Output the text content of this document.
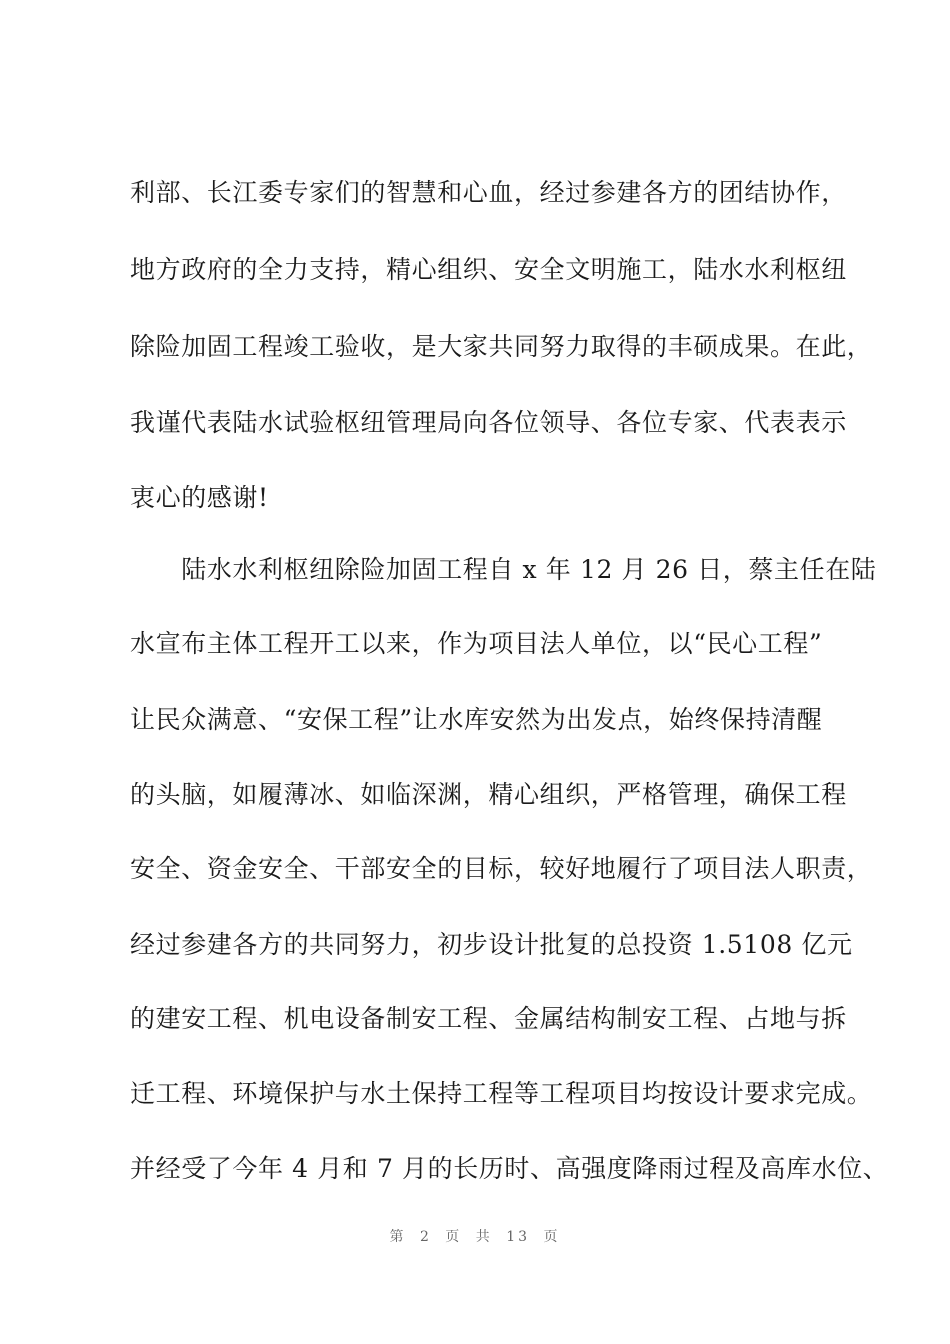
利部、长江委专家们的智慧和心血，经过参建各方的团结协作，
地方政府的全力支持，精心组织、安全文明施工，陆水水利枢纽
除险加固工程竣工验收，是大家共同努力取得的丰硕成果。在此，
我谨代表陆水试验枢纽管理局向各位领导、各位专家、代表表示
衷心的感谢!
　　陆水水利枢纽除险加固工程自 x 年 12 月 26 日，蔡主任在陆
水宣布主体工程开工以来，作为项目法人单位，以“民心工程”
让民众满意、“安保工程”让水库安然为出发点，始终保持清醒
的头脑，如履薄冰、如临深渊，精心组织，严格管理，确保工程
安全、资金安全、干部安全的目标，较好地履行了项目法人职责，
经过参建各方的共同努力，初步设计批复的总投资 1.5108 亿元
的建安工程、机电设备制安工程、金属结构制安工程、占地与拆
迁工程、环境保护与水土保持工程等工程项目均按设计要求完成。
并经受了今年 4 月和 7 月的长历时、高强度降雨过程及高库水位、
第 2 页 共 13 页
